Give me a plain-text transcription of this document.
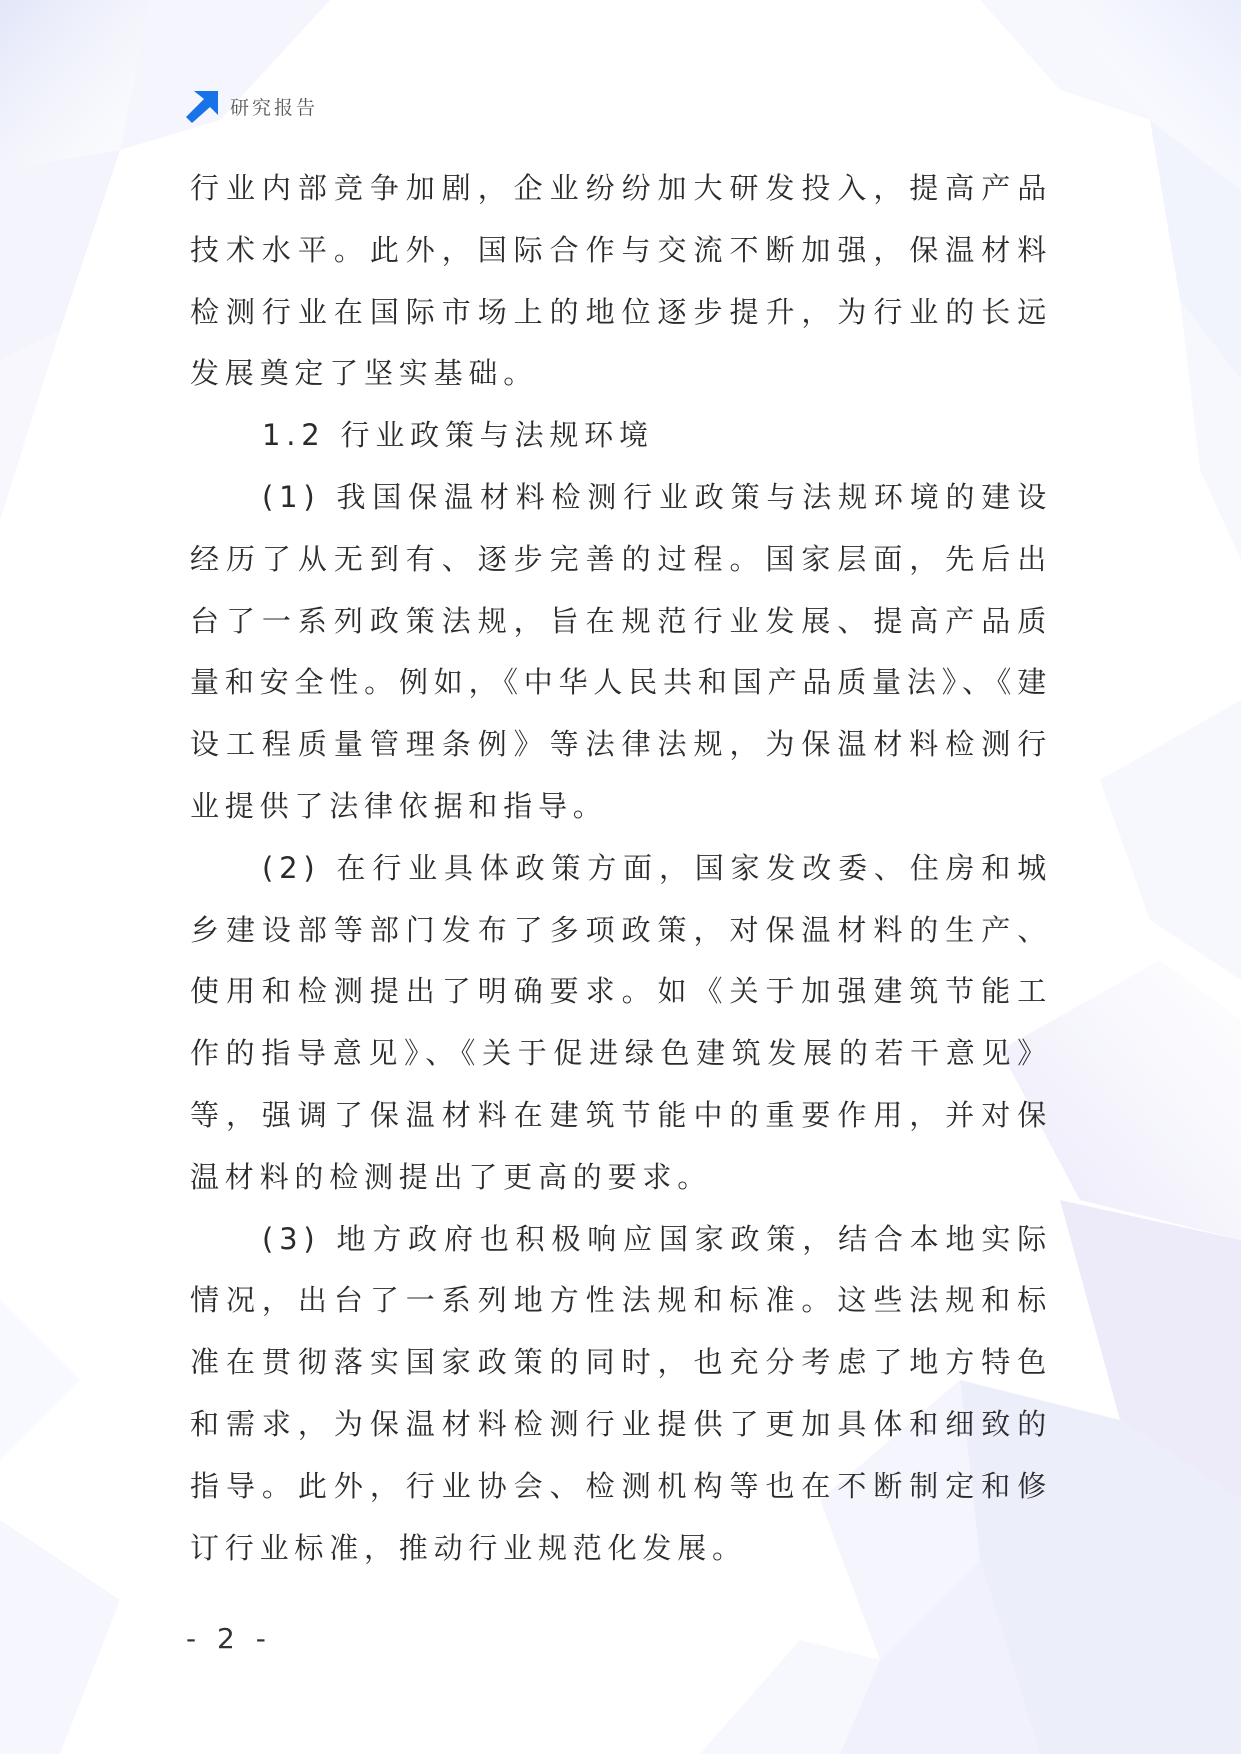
研究报告

行业内部竞争加剧，企业纷纷加大研发投入，提高产品技术水平。此外，国际合作与交流不断加强，保温材料检测行业在国际市场上的地位逐步提升，为行业的长远发展奠定了坚实基础。

1.2 行业政策与法规环境

(1) 我国保温材料检测行业政策与法规环境的建设经历了从无到有、逐步完善的过程。国家层面，先后出台了一系列政策法规，旨在规范行业发展、提高产品质量和安全性。例如，《中华人民共和国产品质量法》、《建设工程质量管理条例》等法律法规，为保温材料检测行业提供了法律依据和指导。

(2) 在行业具体政策方面，国家发改委、住房和城乡建设部等部门发布了多项政策，对保温材料的生产、使用和检测提出了明确要求。如《关于加强建筑节能工作的指导意见》、《关于促进绿色建筑发展的若干意见》等，强调了保温材料在建筑节能中的重要作用，并对保温材料的检测提出了更高的要求。

(3) 地方政府也积极响应国家政策，结合本地实际情况，出台了一系列地方性法规和标准。这些法规和标准在贯彻落实国家政策的同时，也充分考虑了地方特色和需求，为保温材料检测行业提供了更加具体和细致的指导。此外，行业协会、检测机构等也在不断制定和修订行业标准，推动行业规范化发展。

- 2 -
